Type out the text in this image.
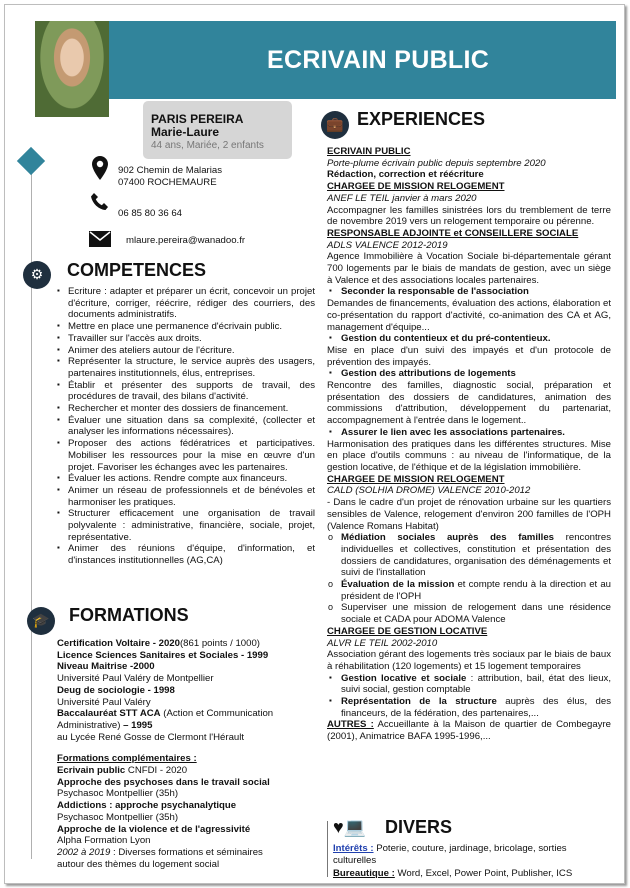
ECRIVAIN PUBLIC
PARIS PEREIRA
Marie-Laure
44 ans, Mariée, 2 enfants
902 Chemin de Malarias
07400 ROCHEMAURE
06 85 80 36 64
mlaure.pereira@wanadoo.fr
⚙	COMPETENCES
▪ Ecriture : adapter et préparer un écrit, concevoir un projet d'écriture, corriger, réécrire, rédiger des courriers, des documents administratifs.
▪ Mettre en place une permanence d'écrivain public.
▪ Travailler sur l'accès aux droits.
▪ Animer des ateliers autour de l'écriture.
▪ Représenter la structure, le service auprès des usagers, partenaires institutionnels, élus, entreprises.
▪ Établir et présenter des supports de travail, des procédures de travail, des bilans d'activité.
▪ Rechercher et monter des dossiers de financement.
▪ Évaluer une situation dans sa complexité, (collecter et analyser les informations nécessaires).
▪ Proposer des actions fédératrices et participatives. Mobiliser les ressources pour la mise en œuvre d'un projet. Favoriser les échanges avec les partenaires.
▪ Évaluer les actions. Rendre compte aux financeurs.
▪ Animer un réseau de professionnels et de bénévoles et harmoniser les pratiques.
▪ Structurer efficacement une organisation de travail polyvalente : administrative, financière, sociale, projet, représentative.
▪ Animer des réunions d'équipe, d'information, et d'instances institutionnelles (AG,CA)
🎓 FORMATIONS
Certification Voltaire - 2020(861 points / 1000)
Licence Sciences Sanitaires et Sociales - 1999
Niveau Maitrise -2000
Université Paul Valéry de Montpellier
Deug de sociologie - 1998
Université Paul Valéry
Baccalauréat STT ACA (Action et Communication
Administrative) – 1995
au Lycée René Gosse de Clermont l'Hérault
Formations complémentaires :
Ecrivain public CNFDI - 2020
Approche des psychoses dans le travail social
Psychasoc Montpellier (35h)
Addictions : approche psychanalytique
Psychasoc Montpellier (35h)
Approche de la violence et de l'agressivité
Alpha Formation Lyon
2002 à 2019 : Diverses formations et séminaires
autour des thèmes du logement social
💼 EXPERIENCES
ECRIVAIN PUBLIC
Porte-plume écrivain public depuis septembre 2020
Rédaction, correction et réécriture
CHARGEE DE MISSION RELOGEMENT
ANEF LE TEIL janvier à mars 2020
Accompagner les familles sinistrées lors du tremblement de terre de novembre 2019 vers un relogement temporaire ou pérenne.
RESPONSABLE ADJOINTE et CONSEILLERE SOCIALE
ADLS VALENCE 2012-2019
Agence Immobilière à Vocation Sociale bi-départementale gérant 700 logements par le biais de mandats de gestion, avec un siège à Valence et des associations locales partenaires.
▪ Seconder la responsable de l'association
Demandes de financements, évaluation des actions, élaboration et co-présentation du rapport d'activité, co-animation des CA et AG, management d'équipe...
▪ Gestion du contentieux et du pré-contentieux.
Mise en place d'un suivi des impayés et d'un protocole de prévention des impayés.
▪ Gestion des attributions de logements
Rencontre des familles, diagnostic social, préparation et présentation des dossiers de candidatures, animation des commissions d'attribution, développement du partenariat, accompagnement à l'entrée dans le logement..
▪ Assurer le lien avec les associations partenaires.
Harmonisation des pratiques dans les différentes structures. Mise en place d'outils communs : au niveau de l'informatique, de la gestion locative, de l'éthique et de la législation immobilière.
CHARGEE DE MISSION RELOGEMENT
CALD (SOLHIA DROME) VALENCE 2010-2012
- Dans le cadre d'un projet de rénovation urbaine sur les quartiers sensibles de Valence, relogement d'environ 200 familles de l'OPH (Valence Romans Habitat)
o Médiation sociales auprès des familles rencontres individuelles et collectives, constitution et présentation des dossiers de candidatures, organisation des déménagements et suivi de l'installation
o Évaluation de la mission et compte rendu à la direction et au président de l'OPH
o Superviser une mission de relogement dans une résidence sociale et CADA pour ADOMA Valence
CHARGEE DE GESTION LOCATIVE
ALVR LE TEIL 2002-2010
Association gérant des logements très sociaux par le biais de baux à réhabilitation (120 logements) et 15 logement temporaires
▪ Gestion locative et sociale : attribution, bail, état des lieux, suivi social, gestion comptable
▪ Représentation de la structure auprès des élus, des financeurs, de la fédération, des partenaires,...
AUTRES : Accueillante à la Maison de quartier de Combegayre (2001), Animatrice BAFA 1995-1996,...
♥💻 DIVERS
Intérêts : Poterie, couture, jardinage, bricolage, sorties culturelles
Bureautique : Word, Excel, Power Point, Publisher, ICS
